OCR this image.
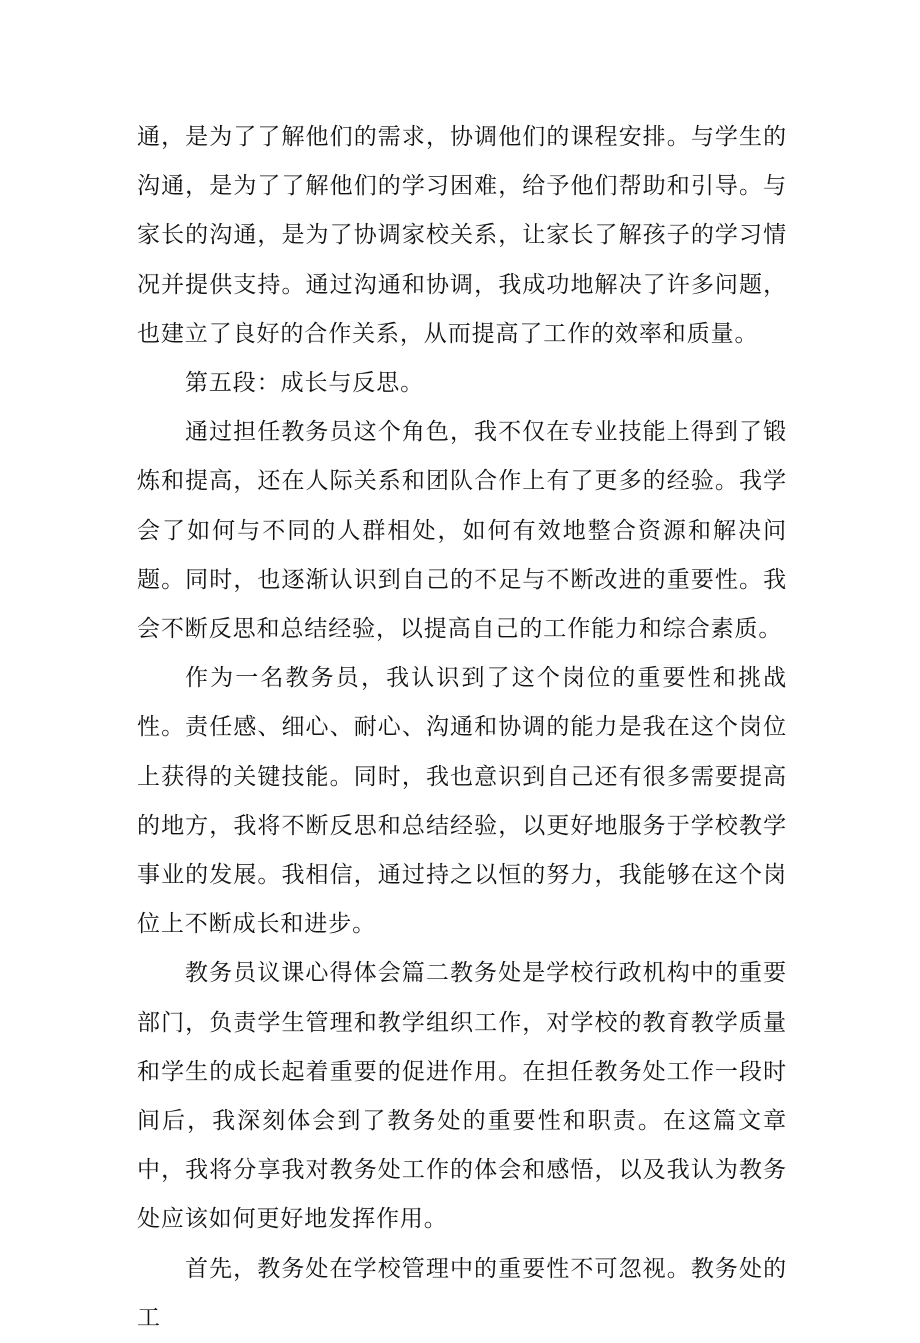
通，是为了了解他们的需求，协调他们的课程安排。与学生的沟通，是为了了解他们的学习困难，给予他们帮助和引导。与家长的沟通，是为了协调家校关系，让家长了解孩子的学习情况并提供支持。通过沟通和协调，我成功地解决了许多问题，也建立了良好的合作关系，从而提高了工作的效率和质量。

第五段：成长与反思。

通过担任教务员这个角色，我不仅在专业技能上得到了锻炼和提高，还在人际关系和团队合作上有了更多的经验。我学会了如何与不同的人群相处，如何有效地整合资源和解决问题。同时，也逐渐认识到自己的不足与不断改进的重要性。我会不断反思和总结经验，以提高自己的工作能力和综合素质。

作为一名教务员，我认识到了这个岗位的重要性和挑战性。责任感、细心、耐心、沟通和协调的能力是我在这个岗位上获得的关键技能。同时，我也意识到自己还有很多需要提高的地方，我将不断反思和总结经验，以更好地服务于学校教学事业的发展。我相信，通过持之以恒的努力，我能够在这个岗位上不断成长和进步。

教务员议课心得体会篇二教务处是学校行政机构中的重要部门，负责学生管理和教学组织工作，对学校的教育教学质量和学生的成长起着重要的促进作用。在担任教务处工作一段时间后，我深刻体会到了教务处的重要性和职责。在这篇文章中，我将分享我对教务处工作的体会和感悟，以及我认为教务处应该如何更好地发挥作用。

首先，教务处在学校管理中的重要性不可忽视。教务处的工
